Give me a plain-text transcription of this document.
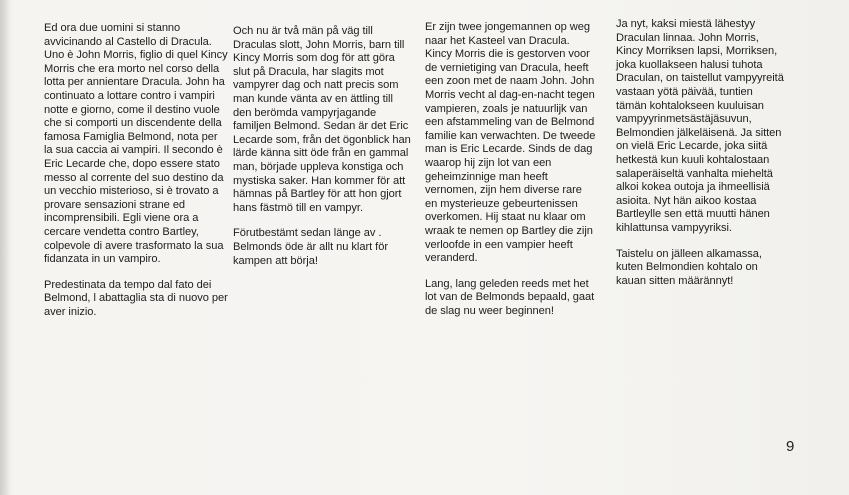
Ed ora due uomini si stanno avvicinando al Castello di Dracula. Uno è John Morris, figlio di quel Kincy Morris che era morto nel corso della lotta per annientare Dracula. John ha continuato a lottare contro i vampiri notte e giorno, come il destino vuole che si comporti un discendente della famosa Famiglia Belmond, nota per la sua caccia ai vampiri. Il secondo è Eric Lecarde che, dopo essere stato messo al corrente del suo destino da un vecchio misterioso, si è trovato a provare sensazioni strane ed incomprensibili. Egli viene ora a cercare vendetta contro Bartley, colpevole di avere trasformato la sua fidanzata in un vampiro.

Predestinata da tempo dal fato dei Belmond, l abattaglia sta di nuovo per aver inizio.

Och nu är två män på väg till Draculas slott, John Morris, barn till Kincy Morris som dog för att göra slut på Dracula, har slagits mot vampyrer dag och natt precis som man kunde vänta av en ättling till den berömda vampyrjagande familjen Belmond. Sedan är det Eric Lecarde som, från det ögonblick han lärde känna sitt öde från en gammal man, började uppleva konstiga och mystiska saker. Han kommer för att hämnas på Bartley för att hon gjort hans fästmö till en vampyr.

Förutbestämt sedan länge av . Belmonds öde är allt nu klart för kampen att börja!

Er zijn twee jongemannen op weg naar het Kasteel van Dracula. Kincy Morris die is gestorven voor de vernietiging van Dracula, heeft een zoon met de naam John. John Morris vecht al dag-en-nacht tegen vampieren, zoals je natuurlijk van een afstammeling van de Belmond familie kan verwachten. De tweede man is Eric Lecarde. Sinds de dag waarop hij zijn lot van een geheimzinnige man heeft vernomen, zijn hem diverse rare en mysterieuze gebeurtenissen overkomen. Hij staat nu klaar om wraak te nemen op Bartley die zijn verloofde in een vampier heeft veranderd.

Lang, lang geleden reeds met het lot van de Belmonds bepaald, gaat de slag nu weer beginnen!

Ja nyt, kaksi miestä lähestyy Draculan linnaa. John Morris, Kincy Morriksen lapsi, Morriksen, joka kuollakseen halusi tuhota Draculan, on taistellut vampyyreitä vastaan yötä päivää, tuntien tämän kohtalokseen kuuluisan vampyyrinmetsästäjäsuvun, Belmondien jälkeläisenä. Ja sitten on vielä Eric Lecarde, joka siitä hetkestä kun kuuli kohtalostaan salaperäiseltä vanhalta mieheltä alkoi kokea outoja ja ihmeellisiä asioita. Nyt hän aikoo kostaa Bartleylle sen että muutti hänen kihlattunsa vampyyriksi.

Taistelu on jälleen alkamassa, kuten Belmondien kohtalo on kauan sitten määrännyt!

9
